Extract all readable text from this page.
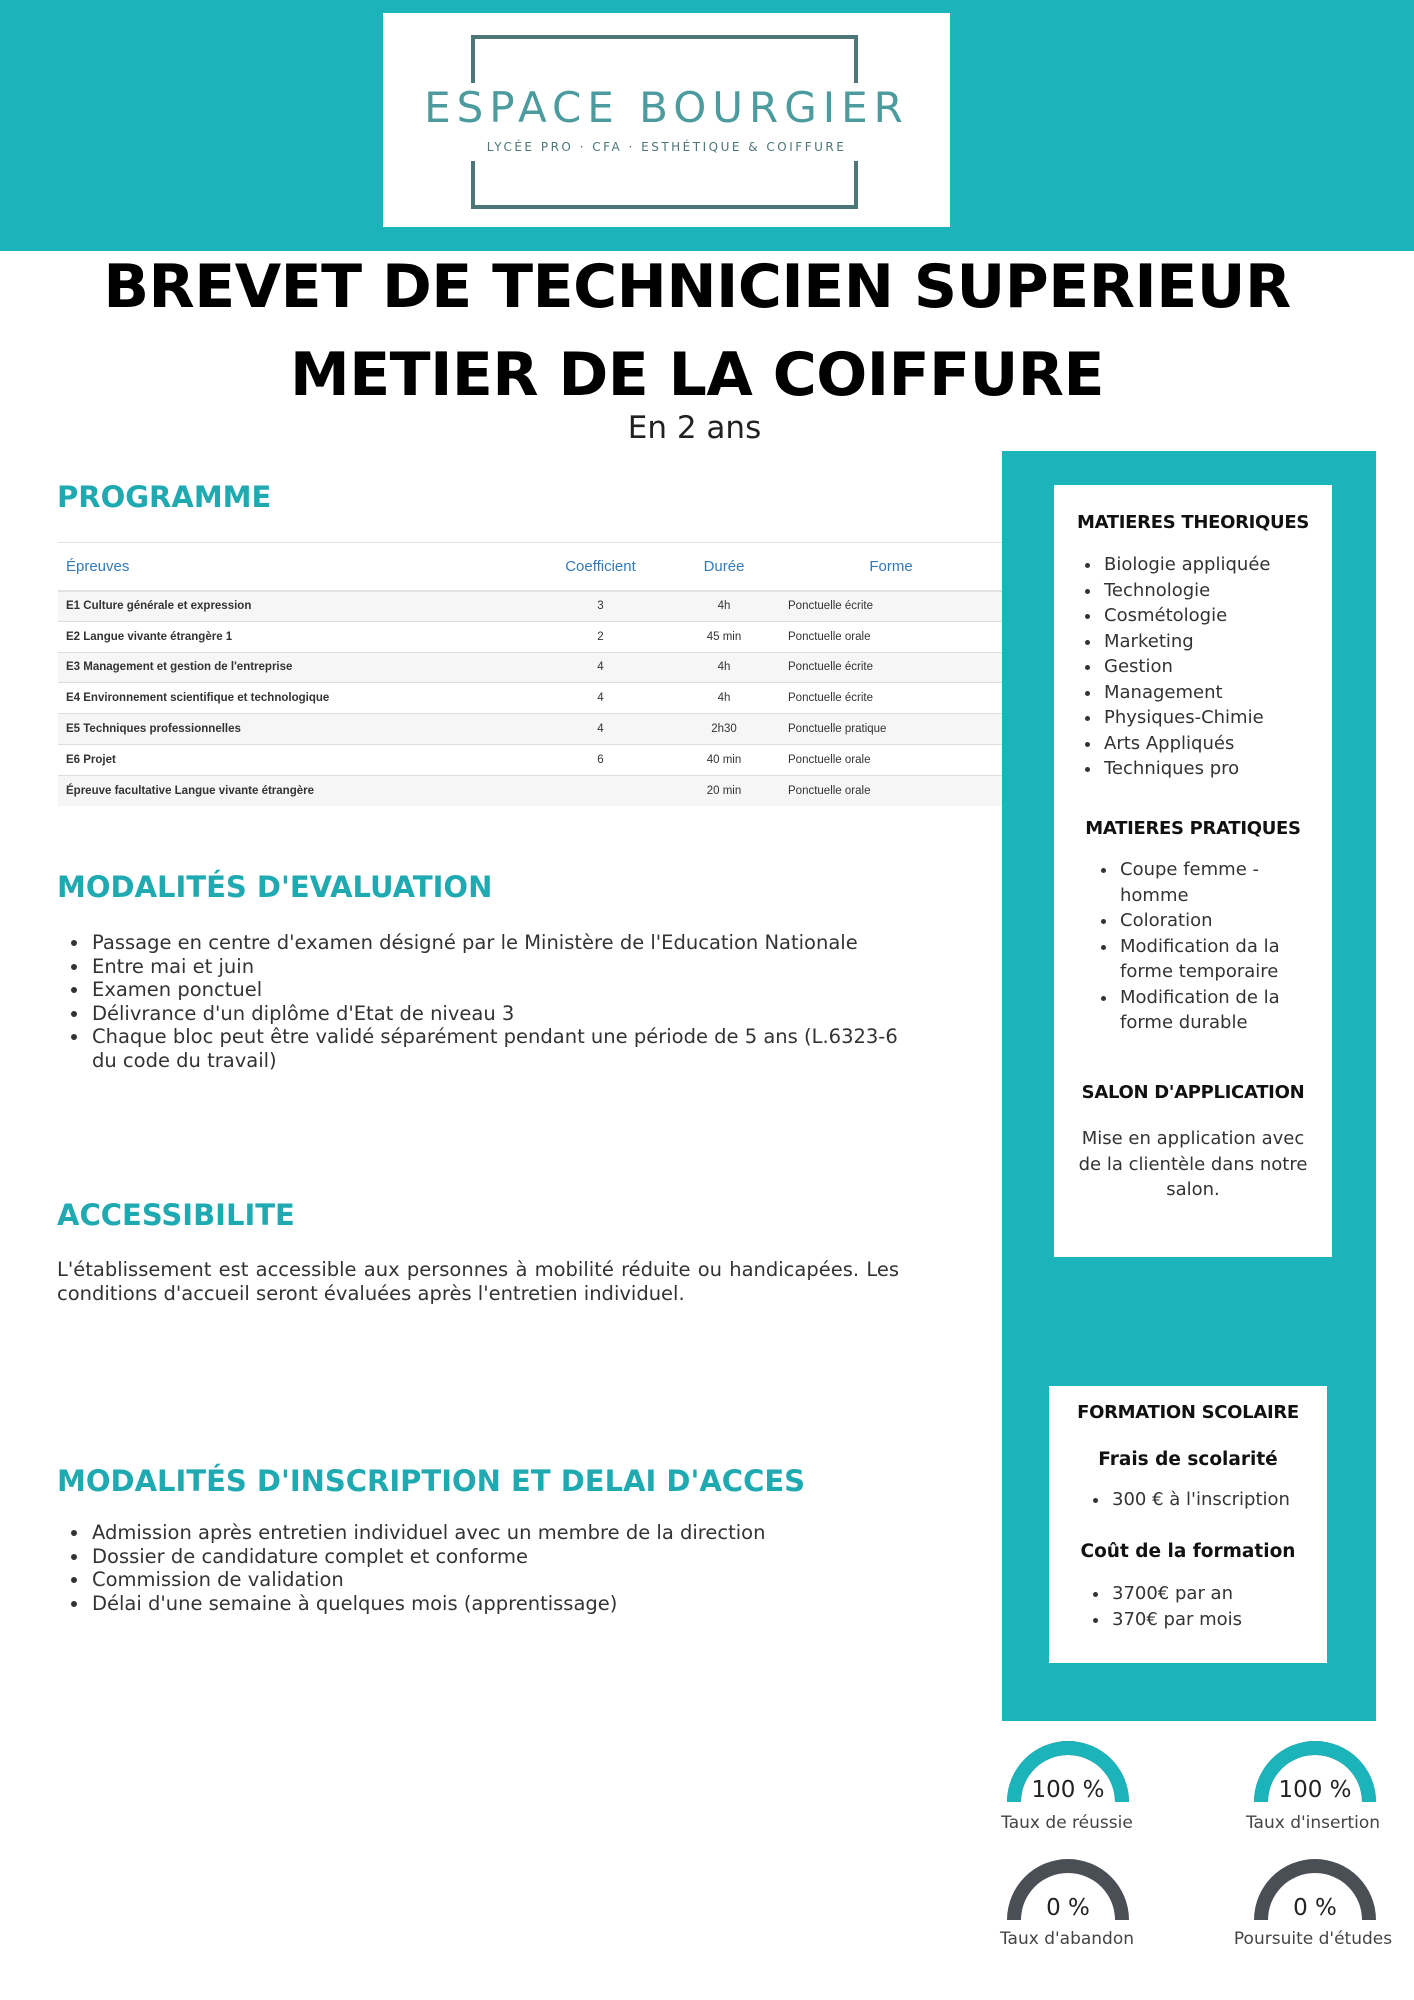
ESPACE BOURGIER
LYCÉE PRO · CFA · ESTHÉTIQUE & COIFFURE
BREVET DE TECHNICIEN SUPERIEUR
METIER DE LA COIFFURE
En 2 ans
PROGRAMME
Épreuves	Coefficient	Durée	Forme
E1 Culture générale et expression	3	4h	Ponctuelle écrite
E2 Langue vivante étrangère 1	2	45 min	Ponctuelle orale
E3 Management et gestion de l'entreprise	4	4h	Ponctuelle écrite
E4 Environnement scientifique et technologique	4	4h	Ponctuelle écrite
E5 Techniques professionnelles	4	2h30	Ponctuelle pratique
E6 Projet	6	40 min	Ponctuelle orale
Épreuve facultative Langue vivante étrangère		20 min	Ponctuelle orale
MODALITÉS D'EVALUATION
• Passage en centre d'examen désigné par le Ministère de l'Education Nationale
• Entre mai et juin
• Examen ponctuel
• Délivrance d'un diplôme d'Etat de niveau 3
• Chaque bloc peut être validé séparément pendant une période de 5 ans (L.6323-6 du code du travail)
ACCESSIBILITE
L'établissement est accessible aux personnes à mobilité réduite ou handicapées. Les conditions d'accueil seront évaluées après l'entretien individuel.
MODALITÉS D'INSCRIPTION ET DELAI D'ACCES
• Admission après entretien individuel avec un membre de la direction
• Dossier de candidature complet et conforme
• Commission de validation
• Délai d'une semaine à quelques mois (apprentissage)
MATIERES THEORIQUES
• Biologie appliquée
• Technologie
• Cosmétologie
• Marketing
• Gestion
• Management
• Physiques-Chimie
• Arts Appliqués
• Techniques pro
MATIERES PRATIQUES
• Coupe femme - homme
• Coloration
• Modification da la forme temporaire
• Modification de la forme durable
SALON D'APPLICATION
Mise en application avec de la clientèle dans notre salon.
FORMATION SCOLAIRE
Frais de scolarité
• 300 € à l'inscription
Coût de la formation
• 3700€ par an
• 370€ par mois
100 %
Taux de réussie
100 %
Taux d'insertion
0 %
Taux d'abandon
0 %
Poursuite d'études
